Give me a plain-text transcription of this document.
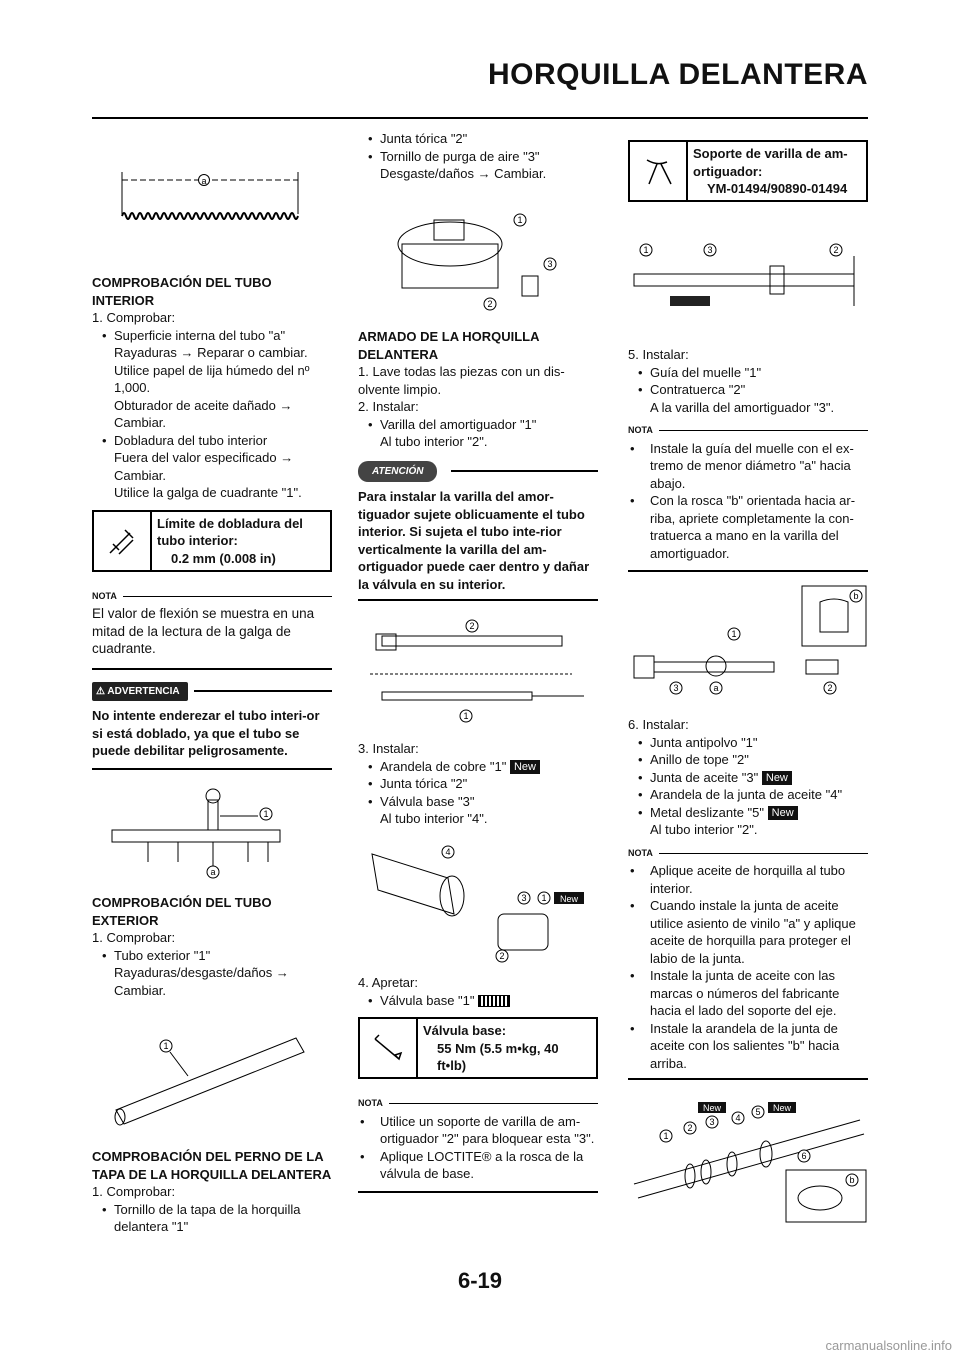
HORQUILLA DELANTERA
a

COMPROBACIÓN DEL TUBO INTERIOR

1. Comprobar:
• Superficie interna del tubo "a"
Rayaduras → Reparar o cambiar.
Utilice papel de lija húmedo del nº 1,000.
Obturador de aceite dañado → Cambiar.
• Dobladura del tubo interior
Fuera del valor especificado → Cambiar.
Utilice la galga de cuadrante "1".
Límite de dobladura del tubo interior:
0.2 mm (0.008 in)
NOTA
El valor de flexión se muestra en una mitad de la lectura de la galga de cuadrante.
⚠ ADVERTENCIA
No intente enderezar el tubo interi-or si está doblado, ya que el tubo se puede debilitar peligrosamente.
1
a

COMPROBACIÓN DEL TUBO EXTERIOR

1. Comprobar:
• Tubo exterior "1"
Rayaduras/desgaste/daños → Cambiar.
1

COMPROBACIÓN DEL PERNO DE LA TAPA DE LA HORQUILLA DELANTERA

1. Comprobar:
• Tornillo de la tapa de la horquilla delantera "1"
• Junta tórica "2"
• Tornillo de purga de aire "3"
Desgaste/daños → Cambiar.
1
3
2

ARMADO DE LA HORQUILLA DELANTERA

1. Lave todas las piezas con un dis-olvente limpio.
2. Instalar:
• Varilla del amortiguador "1"
Al tubo interior "2".
ATENCIÓN
Para instalar la varilla del amor-tiguador sujete oblicuamente el tubo interior. Si sujeta el tubo inte-rior verticalmente la varilla del am-ortiguador puede caer dentro y dañar la válvula en su interior.
2
1
3. Instalar:
• Arandela de cobre "1" New
• Junta tórica "2"
• Válvula base "3"
Al tubo interior "4".
4
3 1 New
2
4. Apretar:
• Válvula base "1"
Válvula base:
55 Nm (5.5 m•kg, 40 ft•lb)
NOTA
• Utilice un soporte de varilla de am-ortiguador "2" para bloquear esta "3".
• Aplique LOCTITE® a la rosca de la válvula de base.
Soporte de varilla de am-ortiguador:
YM-01494/90890-01494
1	3	2
5. Instalar:
• Guía del muelle "1"
• Contratuerca "2"
A la varilla del amortiguador "3".
NOTA
• Instale la guía del muelle con el ex-tremo de menor diámetro "a" hacia abajo.
• Con la rosca "b" orientada hacia ar-riba, apriete completamente la con-tratuerca a mano en la varilla del amortiguador.
b
1
3	a	2
6. Instalar:
• Junta antipolvo "1"
• Anillo de tope "2"
• Junta de aceite "3" New
• Arandela de la junta de aceite "4"
• Metal deslizante "5" New
Al tubo interior "2".
NOTA
• Aplique aceite de horquilla al tubo interior.
• Cuando instale la junta de aceite utilice asiento de vinilo "a" y aplique aceite de horquilla para proteger el labio de la junta.
• Instale la junta de aceite con las marcas o números del fabricante hacia el lado del soporte del eje.
• Instale la arandela de la junta de aceite con los salientes "b" hacia arriba.
New	New
1
2
3 4
5
6
b
6-19
carmanualsonline.info
